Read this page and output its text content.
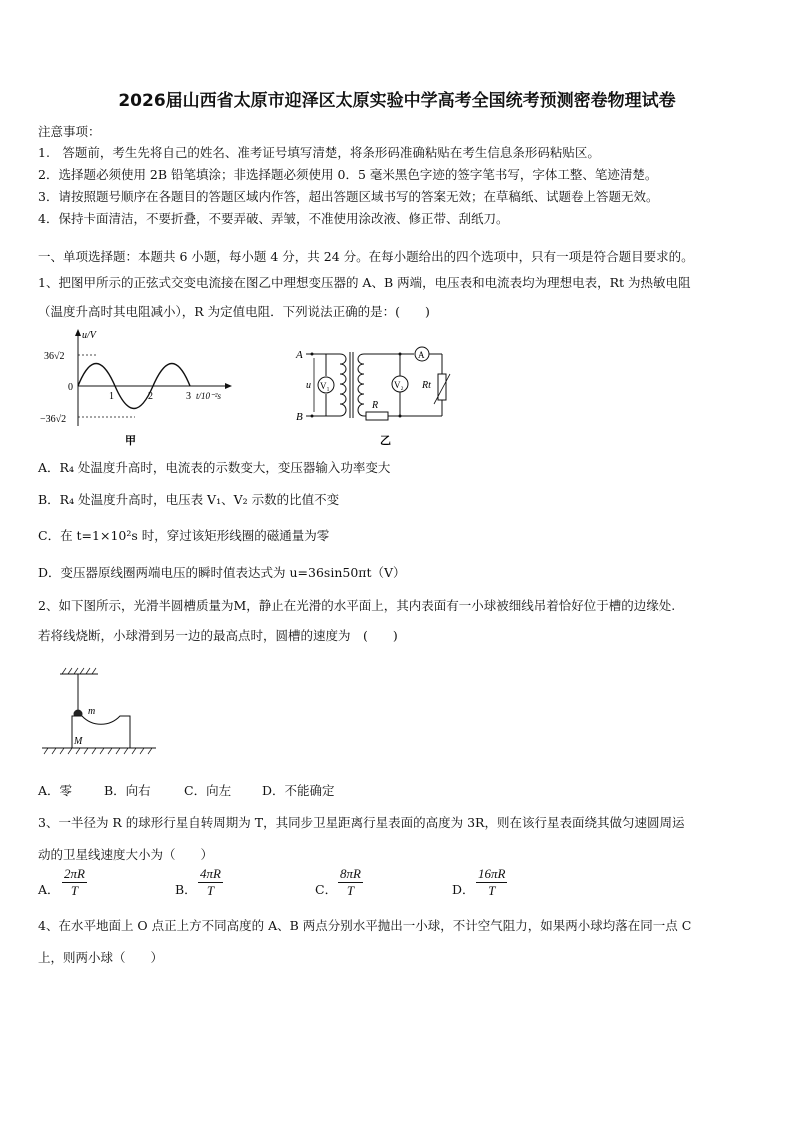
2026届山西省太原市迎泽区太原实验中学高考全国统考预测密卷物理试卷
注意事项：
1.　答题前，考生先将自己的姓名、准考证号填写清楚，将条形码准确粘贴在考生信息条形码粘贴区。
2．选择题必须使用 2B 铅笔填涂；非选择题必须使用 0．5 毫米黑色字迹的签字笔书写，字体工整、笔迹清楚。
3．请按照题号顺序在各题目的答题区域内作答，超出答题区域书写的答案无效；在草稿纸、试题卷上答题无效。
4．保持卡面清洁，不要折叠，不要弄破、弄皱，不准使用涂改液、修正带、刮纸刀。
一、单项选择题：本题共 6 小题，每小题 4 分，共 24 分。在每小题给出的四个选项中，只有一项是符合题目要求的。
1、把图甲所示的正弦式交变电流接在图乙中理想变压器的 A、B 两端，电压表和电流表均为理想电表，Rt 为热敏电阻
（温度升高时其电阻减小），R 为定值电阻．下列说法正确的是：(　　)
u/V
36√2
0
−36√2
1	2	3 t/10⁻²s
甲
A
B
u V₁
A
Rt
R
V₂
乙
A．R₄ 处温度升高时，电流表的示数变大，变压器输入功率变大
B．R₄ 处温度升高时，电压表 V₁、V₂ 示数的比值不变
C．在 t=1×10²s 时，穿过该矩形线圈的磁通量为零
D．变压器原线圈两端电压的瞬时值表达式为 u=36sin50πt（V）
2、如下图所示，光滑半圆槽质量为M，静止在光滑的水平面上，其内表面有一小球被细线吊着恰好位于槽的边缘处.
若将线烧断，小球滑到另一边的最高点时，圆槽的速度为　(　　)
m
M
A．零	B．向右	C．向左 D．不能确定
3、一半径为 R 的球形行星自转周期为 T，其同步卫星距离行星表面的高度为 3R，则在该行星表面绕其做匀速圆周运
动的卫星线速度大小为（　　）
A． $\frac{2\pi R}{T}$	B． $\frac{4\pi R}{T}$	C． $\frac{8\pi R}{T}$	D． $\frac{16\pi R}{T}$
4、在水平地面上 O 点正上方不同高度的 A、B 两点分别水平抛出一小球，不计空气阻力，如果两小球均落在同一点 C
上，则两小球（　　）
